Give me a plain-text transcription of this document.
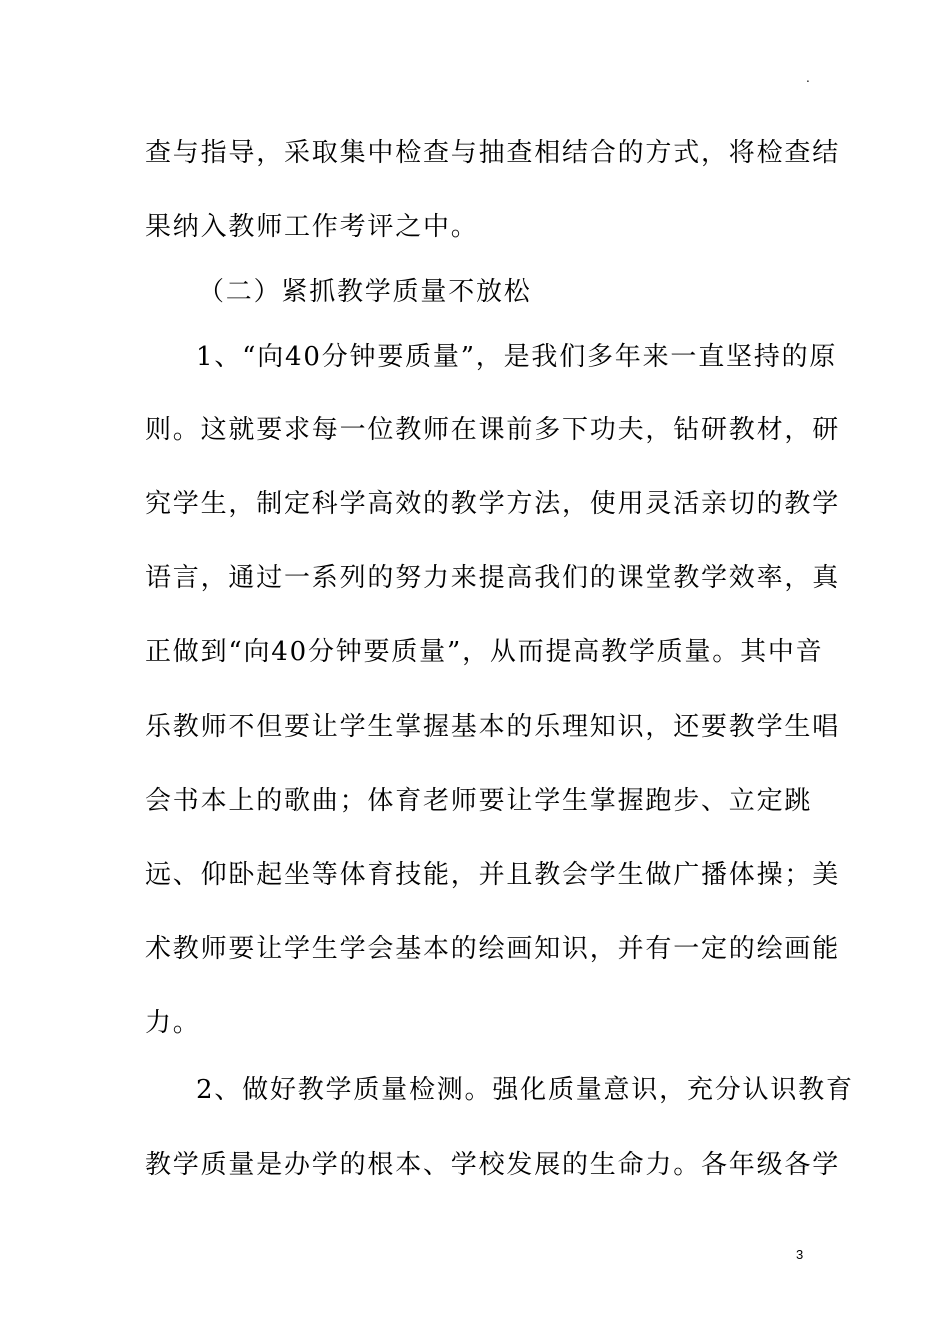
.
查与指导，采取集中检查与抽查相结合的方式，将检查结
果纳入教师工作考评之中。
（二）紧抓教学质量不放松
1、“向40分钟要质量”，是我们多年来一直坚持的原
则。这就要求每一位教师在课前多下功夫，钻研教材，研
究学生，制定科学高效的教学方法，使用灵活亲切的教学
语言，通过一系列的努力来提高我们的课堂教学效率，真
正做到“向40分钟要质量”，从而提高教学质量。其中音
乐教师不但要让学生掌握基本的乐理知识，还要教学生唱
会书本上的歌曲；体育老师要让学生掌握跑步、立定跳
远、仰卧起坐等体育技能，并且教会学生做广播体操；美
术教师要让学生学会基本的绘画知识，并有一定的绘画能
力。
2、做好教学质量检测。强化质量意识，充分认识教育
教学质量是办学的根本、学校发展的生命力。各年级各学
3
